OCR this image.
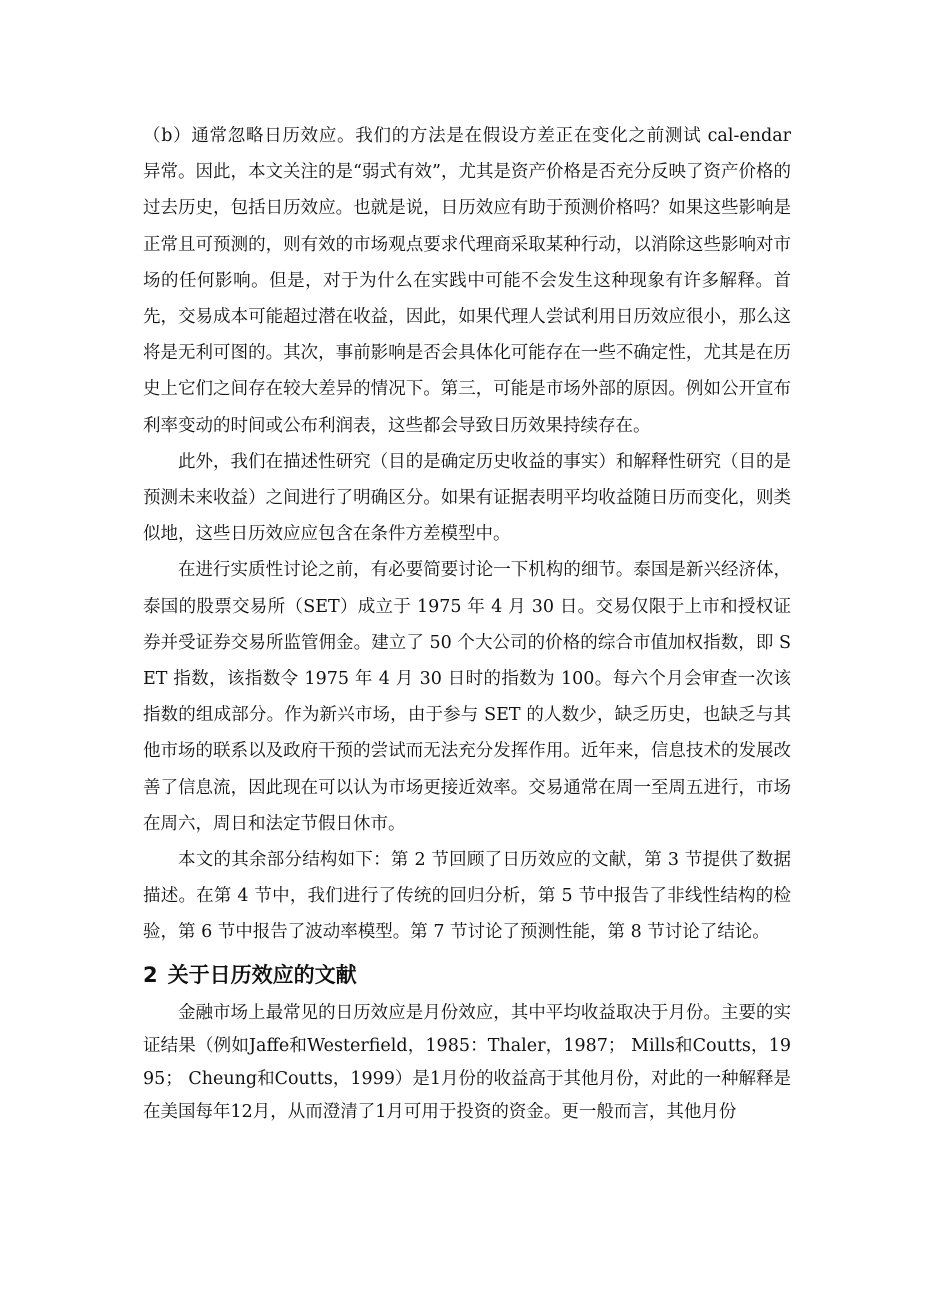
（b）通常忽略日历效应。我们的方法是在假设方差正在变化之前测试 cal-endar 异常。因此，本文关注的是“弱式有效”，尤其是资产价格是否充分反映了资产价格的过去历史，包括日历效应。也就是说，日历效应有助于预测价格吗？如果这些影响是正常且可预测的，则有效的市场观点要求代理商采取某种行动，以消除这些影响对市场的任何影响。但是，对于为什么在实践中可能不会发生这种现象有许多解释。首先，交易成本可能超过潜在收益，因此，如果代理人尝试利用日历效应很小，那么这将是无利可图的。其次，事前影响是否会具体化可能存在一些不确定性，尤其是在历史上它们之间存在较大差异的情况下。第三，可能是市场外部的原因。例如公开宣布利率变动的时间或公布利润表，这些都会导致日历效果持续存在。

此外，我们在描述性研究（目的是确定历史收益的事实）和解释性研究（目的是预测未来收益）之间进行了明确区分。如果有证据表明平均收益随日历而变化，则类似地，这些日历效应应包含在条件方差模型中。

在进行实质性讨论之前，有必要简要讨论一下机构的细节。泰国是新兴经济体，泰国的股票交易所（SET）成立于 1975 年 4 月 30 日。交易仅限于上市和授权证券并受证券交易所监管佣金。建立了 50 个大公司的价格的综合市值加权指数，即 SET 指数，该指数令 1975 年 4 月 30 日时的指数为 100。每六个月会审查一次该指数的组成部分。作为新兴市场，由于参与 SET 的人数少，缺乏历史，也缺乏与其他市场的联系以及政府干预的尝试而无法充分发挥作用。近年来，信息技术的发展改善了信息流，因此现在可以认为市场更接近效率。交易通常在周一至周五进行，市场在周六，周日和法定节假日休市。

本文的其余部分结构如下：第 2 节回顾了日历效应的文献，第 3 节提供了数据描述。在第 4 节中，我们进行了传统的回归分析，第 5 节中报告了非线性结构的检验，第 6 节中报告了波动率模型。第 7 节讨论了预测性能，第 8 节讨论了结论。

2 关于日历效应的文献

金融市场上最常见的日历效应是月份效应，其中平均收益取决于月份。主要的实证结果（例如Jaffe和Westerfield，1985：Thaler，1987； Mills和Coutts，1995； Cheung和Coutts，1999）是1月份的收益高于其他月份，对此的一种解释是在美国每年12月，从而澄清了1月可用于投资的资金。更一般而言，其他月份
